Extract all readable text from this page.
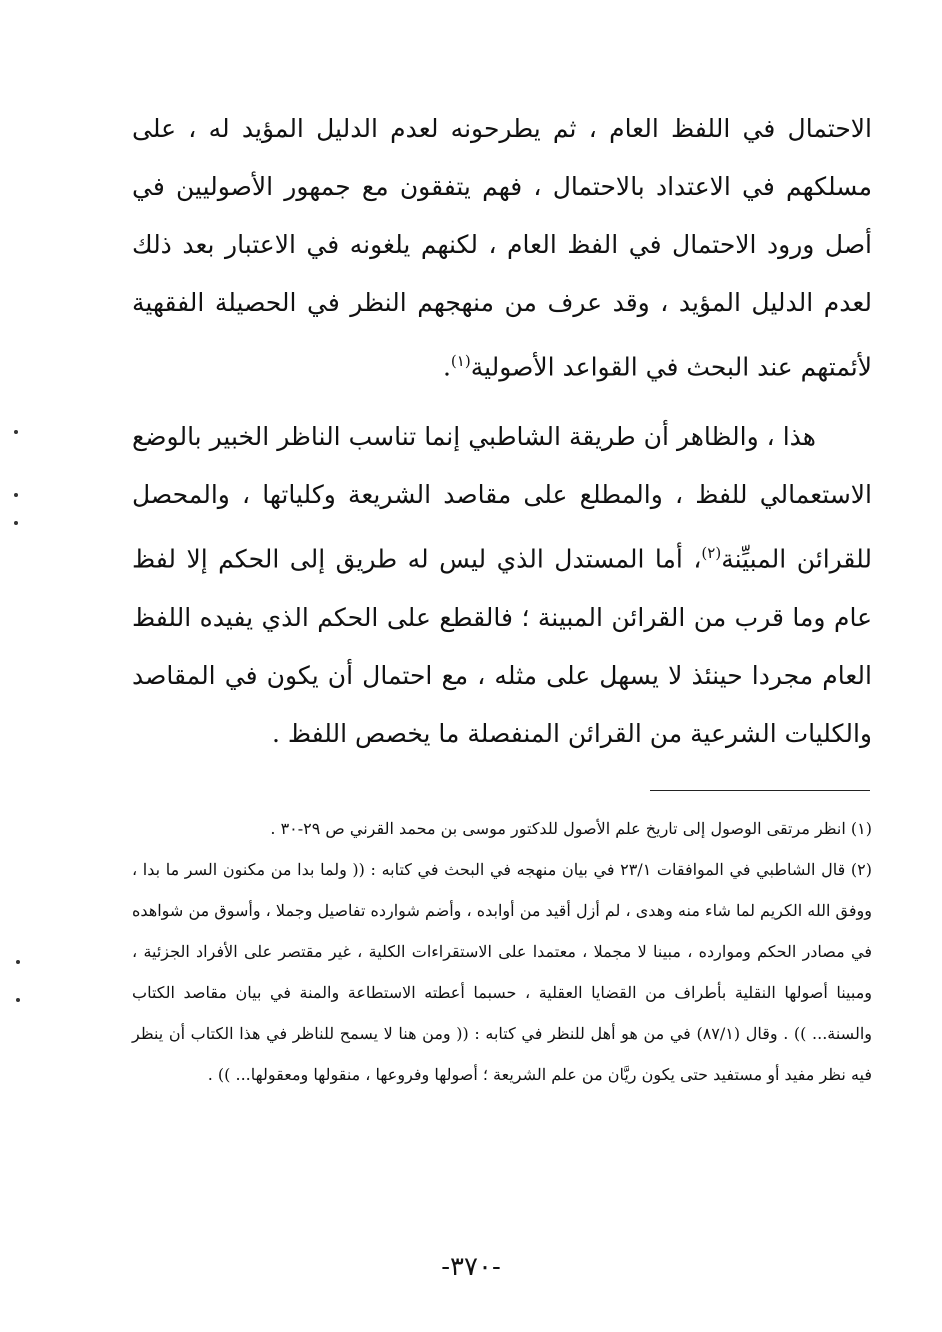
الاحتمال في اللفظ العام ، ثم يطرحونه لعدم الدليل المؤيد له ، على مسلكهم في الاعتداد بالاحتمال ، فهم يتفقون مع جمهور الأصوليين في أصل ورود الاحتمال في الفظ العام ، لكنهم يلغونه في الاعتبار بعد ذلك لعدم الدليل المؤيد ، وقد عرف من منهجهم النظر في الحصيلة الفقهية لأئمتهم عند البحث في القواعد الأصولية$^{(١)}$.

هذا ، والظاهر أن طريقة الشاطبي إنما تناسب الناظر الخبير بالوضع الاستعمالي للفظ ، والمطلع على مقاصد الشريعة وكلياتها ، والمحصل للقرائن المبيِّنة$^{(٢)}$، أما المستدل الذي ليس له طريق إلى الحكم إلا لفظ عام وما قرب من القرائن المبينة ؛ فالقطع على الحكم الذي يفيده اللفظ العام مجردا حينئذ لا يسهل على مثله ، مع احتمال أن يكون في المقاصد والكليات الشرعية من القرائن المنفصلة ما يخصص اللفظ .

(١) انظر مرتقى الوصول إلى تاريخ علم الأصول للدكتور موسى بن محمد القرني ص ٢٩-٣٠ .

(٢) قال الشاطبي في الموافقات ٢٣/١ في بيان منهجه في البحث في كتابه : (( ولما بدا من مكنون السر ما بدا ، ووفق الله الكريم لما شاء منه وهدى ، لم أزل أقيد من أوابده ، وأضم شوارده تفاصيل وجملا ، وأسوق من شواهده في مصادر الحكم وموارده ، مبينا لا مجملا ، معتمدا على الاستقراءات الكلية ، غير مقتصر على الأفراد الجزئية ، ومبينا أصولها النقلية بأطراف من القضايا العقلية ، حسبما أعطته الاستطاعة والمنة في بيان مقاصد الكتاب والسنة... )) . وقال (٨٧/١) في من هو أهل للنظر في كتابه : (( ومن هنا لا يسمح للناظر في هذا الكتاب أن ينظر فيه نظر مفيد أو مستفيد حتى يكون ريَّان من علم الشريعة ؛ أصولها وفروعها ، منقولها ومعقولها... )) .

-٣٧٠-
